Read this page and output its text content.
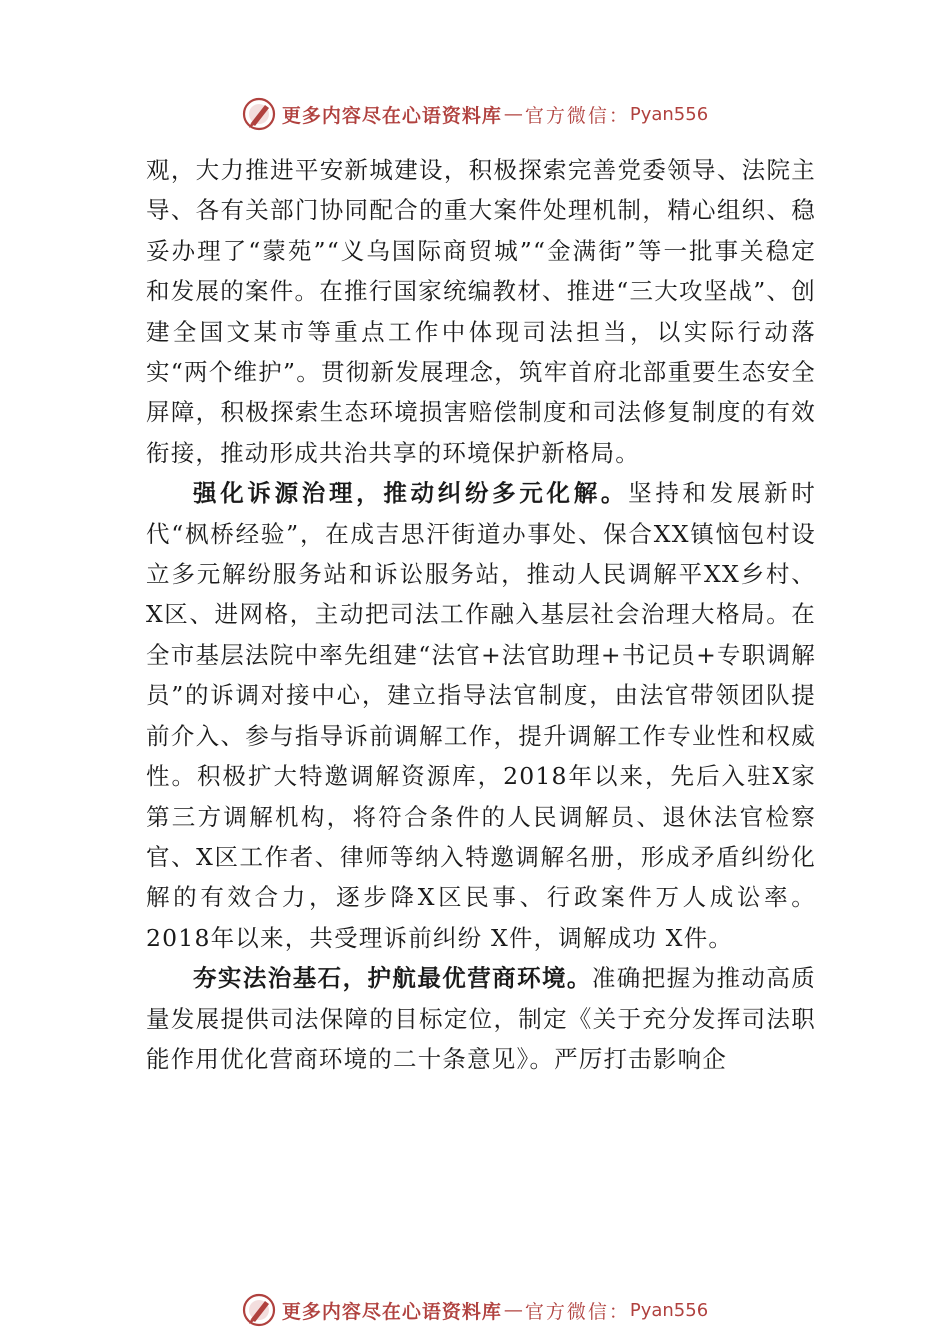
更多内容尽在心语资料库 — 官方微信： Pyan556

观，大力推进平安新城建设，积极探索完善党委领导、法院主导、各有关部门协同配合的重大案件处理机制，精心组织、稳妥办理了“蒙苑”“义乌国际商贸城”“金满街”等一批事关稳定和发展的案件。在推行国家统编教材、推进“三大攻坚战”、创建全国文某市等重点工作中体现司法担当，以实际行动落实“两个维护”。贯彻新发展理念，筑牢首府北部重要生态安全屏障，积极探索生态环境损害赔偿制度和司法修复制度的有效衔接，推动形成共治共享的环境保护新格局。

强化诉源治理，推动纠纷多元化解。坚持和发展新时代“枫桥经验”，在成吉思汗街道办事处、保合XX镇恼包村设立多元解纷服务站和诉讼服务站，推动人民调解平XX乡村、X区、进网格，主动把司法工作融入基层社会治理大格局。在全市基层法院中率先组建“法官+法官助理+书记员+专职调解员”的诉调对接中心，建立指导法官制度，由法官带领团队提前介入、参与指导诉前调解工作，提升调解工作专业性和权威性。积极扩大特邀调解资源库，2018年以来，先后入驻X家第三方调解机构，将符合条件的人民调解员、退休法官检察官、X区工作者、律师等纳入特邀调解名册，形成矛盾纠纷化解的有效合力，逐步降X区民事、行政案件万人成讼率。2018年以来，共受理诉前纠纷 X件，调解成功 X件。

夯实法治基石，护航最优营商环境。准确把握为推动高质量发展提供司法保障的目标定位，制定《关于充分发挥司法职能作用优化营商环境的二十条意见》。严厉打击影响企

更多内容尽在心语资料库 — 官方微信： Pyan556
